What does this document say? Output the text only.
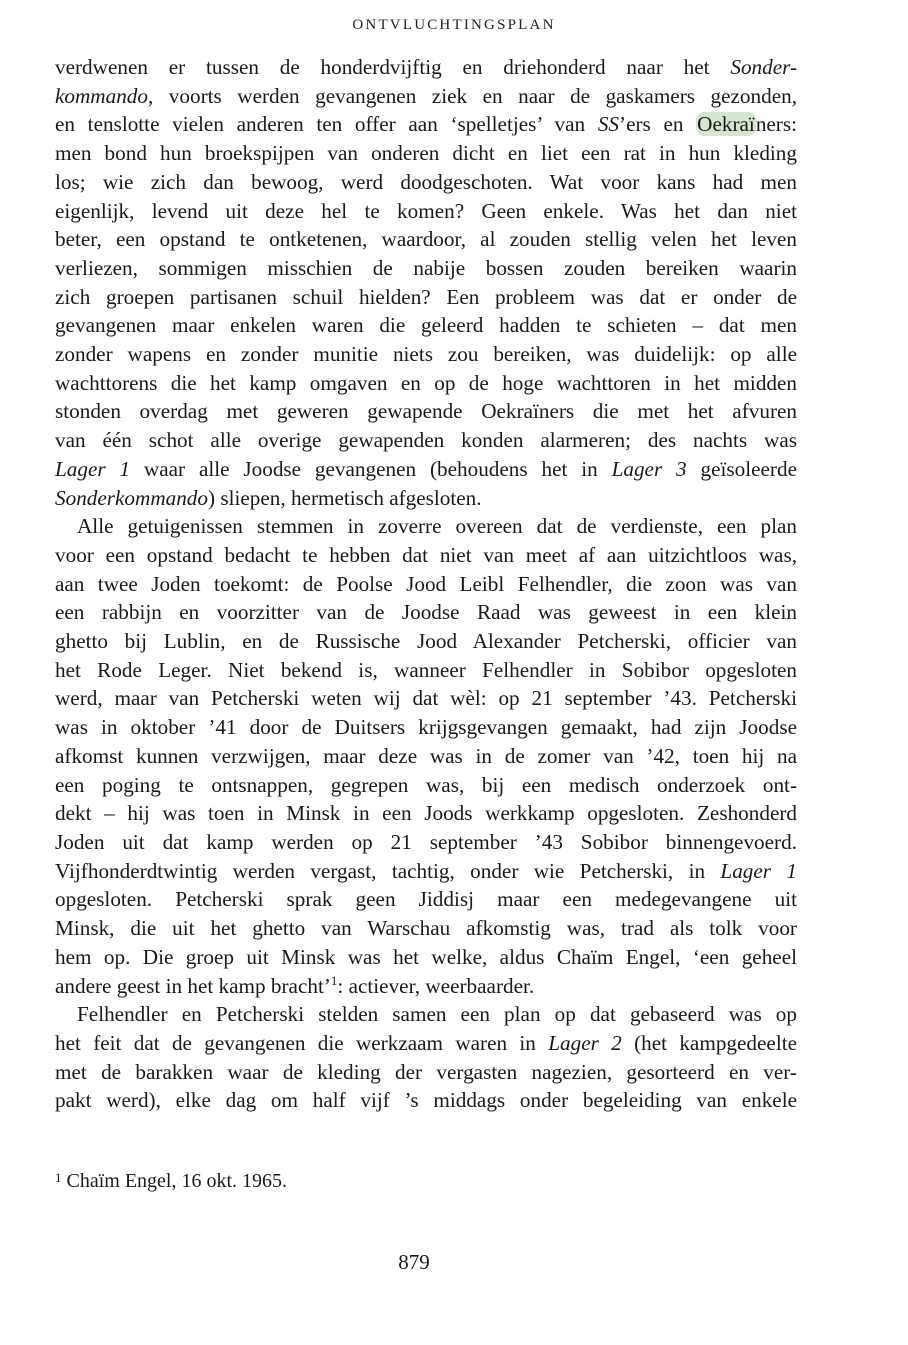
ONTVLUCHTINGSPLAN
verdwenen er tussen de honderdvijftig en driehonderd naar het Sonder-
kommando, voorts werden gevangenen ziek en naar de gaskamers gezonden,
en tenslotte vielen anderen ten offer aan ‘spelletjes’ van SS’ers en Oekraïners:
men bond hun broekspijpen van onderen dicht en liet een rat in hun kleding
los; wie zich dan bewoog, werd doodgeschoten. Wat voor kans had men
eigenlijk, levend uit deze hel te komen? Geen enkele. Was het dan niet
beter, een opstand te ontketenen, waardoor, al zouden stellig velen het leven
verliezen, sommigen misschien de nabije bossen zouden bereiken waarin
zich groepen partisanen schuil hielden? Een probleem was dat er onder de
gevangenen maar enkelen waren die geleerd hadden te schieten – dat men
zonder wapens en zonder munitie niets zou bereiken, was duidelijk: op alle
wachttorens die het kamp omgaven en op de hoge wachttoren in het midden
stonden overdag met geweren gewapende Oekraïners die met het afvuren
van één schot alle overige gewapenden konden alarmeren; des nachts was
Lager 1 waar alle Joodse gevangenen (behoudens het in Lager 3 geïsoleerde
Sonderkommando) sliepen, hermetisch afgesloten.
Alle getuigenissen stemmen in zoverre overeen dat de verdienste, een plan
voor een opstand bedacht te hebben dat niet van meet af aan uitzichtloos was,
aan twee Joden toekomt: de Poolse Jood Leibl Felhendler, die zoon was van
een rabbijn en voorzitter van de Joodse Raad was geweest in een klein
ghetto bij Lublin, en de Russische Jood Alexander Petcherski, officier van
het Rode Leger. Niet bekend is, wanneer Felhendler in Sobibor opgesloten
werd, maar van Petcherski weten wij dat wèl: op 21 september ’43. Petcherski
was in oktober ’41 door de Duitsers krijgsgevangen gemaakt, had zijn Joodse
afkomst kunnen verzwijgen, maar deze was in de zomer van ’42, toen hij na
een poging te ontsnappen, gegrepen was, bij een medisch onderzoek ont-
dekt – hij was toen in Minsk in een Joods werkkamp opgesloten. Zeshonderd
Joden uit dat kamp werden op 21 september ’43 Sobibor binnengevoerd.
Vijfhonderdtwintig werden vergast, tachtig, onder wie Petcherski, in Lager 1
opgesloten. Petcherski sprak geen Jiddisj maar een medegevangene uit
Minsk, die uit het ghetto van Warschau afkomstig was, trad als tolk voor
hem op. Die groep uit Minsk was het welke, aldus Chaïm Engel, ‘een geheel
andere geest in het kamp bracht’$^1$: actiever, weerbaarder.
Felhendler en Petcherski stelden samen een plan op dat gebaseerd was op
het feit dat de gevangenen die werkzaam waren in Lager 2 (het kampgedeelte
met de barakken waar de kleding der vergasten nagezien, gesorteerd en ver-
pakt werd), elke dag om half vijf ’s middags onder begeleiding van enkele
$^1$ Chaïm Engel, 16 okt. 1965.
879
